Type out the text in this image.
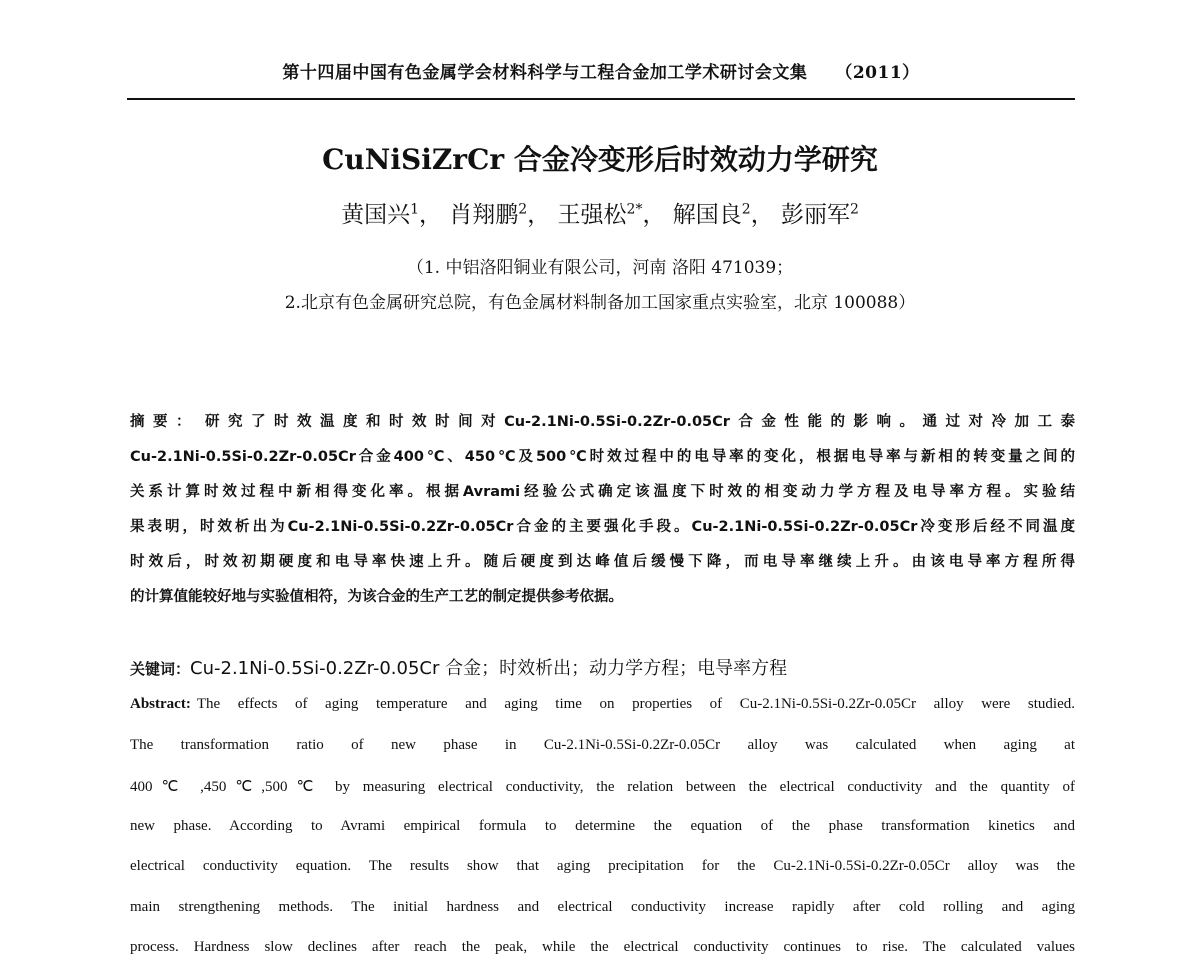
第十四届中国有色金属学会材料科学与工程合金加工学术研讨会文集 （2011）
CuNiSiZrCr 合金冷变形后时效动力学研究
黄国兴$^1$， 肖翔鹏$^2$， 王强松$^{2*}$， 解国良$^2$， 彭丽军$^2$
（1. 中铝洛阳铜业有限公司，河南 洛阳 471039；
2.北京有色金属研究总院，有色金属材料制备加工国家重点实验室，北京 100088）
摘要： 研究了时效温度和时效时间对Cu-2.1Ni-0.5Si-0.2Zr-0.05Cr合金性能的影响。通过对冷加工泰
Cu-2.1Ni-0.5Si-0.2Zr-0.05Cr合金400℃、450℃及500℃时效过程中的电导率的变化，根据电导率与新相的转变量之间的
关系计算时效过程中新相得变化率。根据Avrami经验公式确定该温度下时效的相变动力学方程及电导率方程。实验结
果表明，时效析出为Cu-2.1Ni-0.5Si-0.2Zr-0.05Cr合金的主要强化手段。Cu-2.1Ni-0.5Si-0.2Zr-0.05Cr冷变形后经不同温度
时效后，时效初期硬度和电导率快速上升。随后硬度到达峰值后缓慢下降，而电导率继续上升。由该电导率方程所得
的计算值能较好地与实验值相符，为该合金的生产工艺的制定提供参考依据。
关键词：Cu-2.1Ni-0.5Si-0.2Zr-0.05Cr 合金；时效析出；动力学方程；电导率方程
Abstract: The effects of aging temperature and aging time on properties of Cu-2.1Ni-0.5Si-0.2Zr-0.05Cr alloy were studied.
The transformation ratio of new phase in Cu-2.1Ni-0.5Si-0.2Zr-0.05Cr alloy was calculated when aging at
400℃ ,450℃,500℃ by measuring electrical conductivity, the relation between the electrical conductivity and the quantity of
new phase. According to Avrami empirical formula to determine the equation of the phase transformation kinetics and
electrical conductivity equation. The results show that aging precipitation for the Cu-2.1Ni-0.5Si-0.2Zr-0.05Cr alloy was the
main strengthening methods. The initial hardness and electrical conductivity increase rapidly after cold rolling and aging
process. Hardness slow declines after reach the peak, while the electrical conductivity continues to rise. The calculated values
